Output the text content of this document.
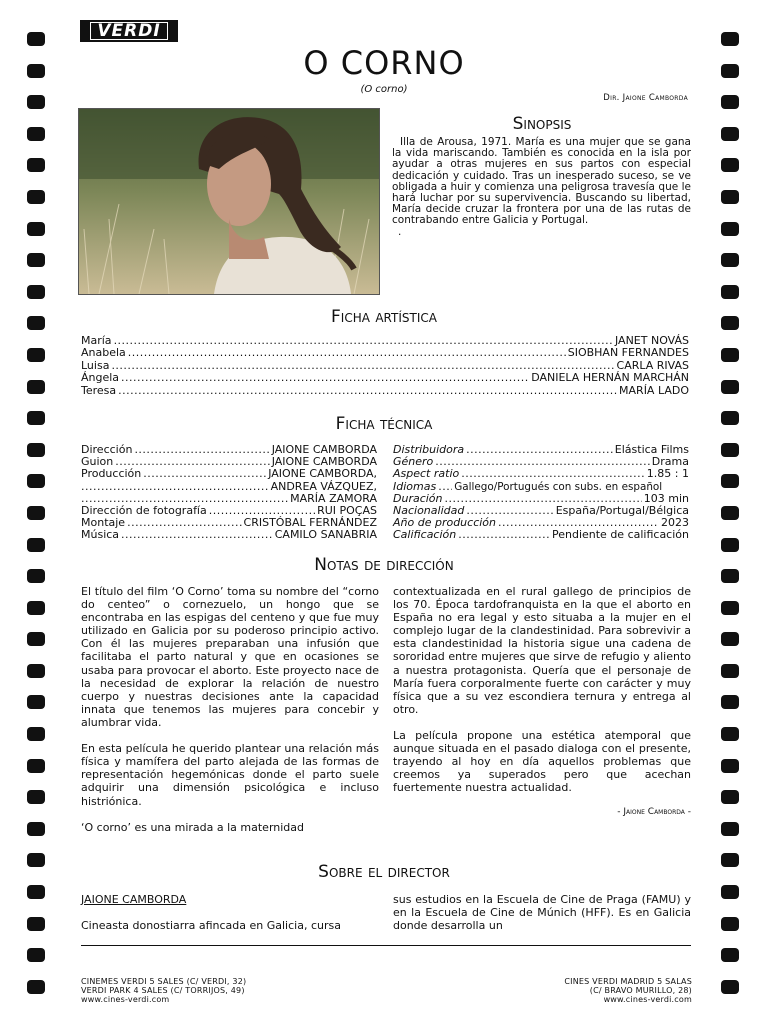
VERDI
O CORNO
(O corno)
Dir. Jaione Camborda
Sinopsis
Illa de Arousa, 1971. María es una mujer que se gana la vida mariscando. También es conocida en la isla por ayudar a otras mujeres en sus partos con especial dedicación y cuidado. Tras un inesperado suceso, se ve obligada a huir y comienza una peligrosa travesía que le hará luchar por su supervivencia. Buscando su libertad, María decide cruzar la frontera por una de las rutas de contrabando entre Galicia y Portugal.
.
Ficha artística
María .....	JANET NOVÁS
Anabela .....	SIOBHAN FERNANDES
Luisa .....	CARLA RIVAS
Ángela .....	DANIELA HERNÁN MARCHÁN
Teresa .....	MARÍA LADO
Ficha técnica
Dirección .....	JAIONE CAMBORDA
Guion .....	JAIONE CAMBORDA
Producción .....	JAIONE CAMBORDA,
.....
ANDREA VÁZQUEZ,
.....
MARÍA ZAMORA
Dirección de fotografía .....	RUI POÇAS
Montaje .....	CRISTÓBAL FERNÁNDEZ
Música .....	CAMILO SANABRIA
Distribuidora .....	Elástica Films
Género .....	Drama
Aspect ratio .....	1.85 : 1
Idiomas ..... Gallego/Portugués con subs. en español
Duración .....	103 min
Nacionalidad .....	España/Portugal/Bélgica
Año de producción .....	2023
Calificación .....	Pendiente de calificación
Notas de dirección

El título del film ‘O Corno’ toma su nombre del “corno do centeo” o cornezuelo, un hongo que se encontraba en las espigas del centeno y que fue muy utilizado en Galicia por su poderoso principio activo. Con él las mujeres preparaban una infusión que facilitaba el parto natural y que en ocasiones se usaba para provocar el aborto. Este proyecto nace de la necesidad de explorar la relación de nuestro cuerpo y nuestras decisiones ante la capacidad innata que tenemos las mujeres para concebir y alumbrar vida.

En esta película he querido plantear una relación más física y mamífera del parto alejada de las formas de representación hegemónicas donde el parto suele adquirir una dimensión psicológica e incluso histriónica.

‘O corno’ es una mirada a la maternidad

contextualizada en el rural gallego de principios de los 70. Época tardofranquista en la que el aborto en España no era legal y esto situaba a la mujer en el complejo lugar de la clandestinidad. Para sobrevivir a esta clandestinidad la historia sigue una cadena de sororidad entre mujeres que sirve de refugio y aliento a nuestra protagonista. Quería que el personaje de María fuera corporalmente fuerte con carácter y muy física que a su vez escondiera ternura y entrega al otro.

La película propone una estética atemporal que aunque situada en el pasado dialoga con el presente, trayendo al hoy en día aquellos problemas que creemos ya superados pero que acechan fuertemente nuestra actualidad.

- Jaione Camborda -
Sobre el director
JAIONE CAMBORDA
Cineasta donostiarra afincada en Galicia, cursa
sus estudios en la Escuela de Cine de Praga (FAMU) y en la Escuela de Cine de Múnich (HFF). Es en Galicia donde desarrolla un
CINEMES VERDI 5 SALES (C/ VERDI, 32)
VERDI PARK 4 SALES (C/ TORRIJOS, 49)
www.cines-verdi.com
CINES VERDI MADRID 5 SALAS
(C/ BRAVO MURILLO, 28)
www.cines-verdi.com
